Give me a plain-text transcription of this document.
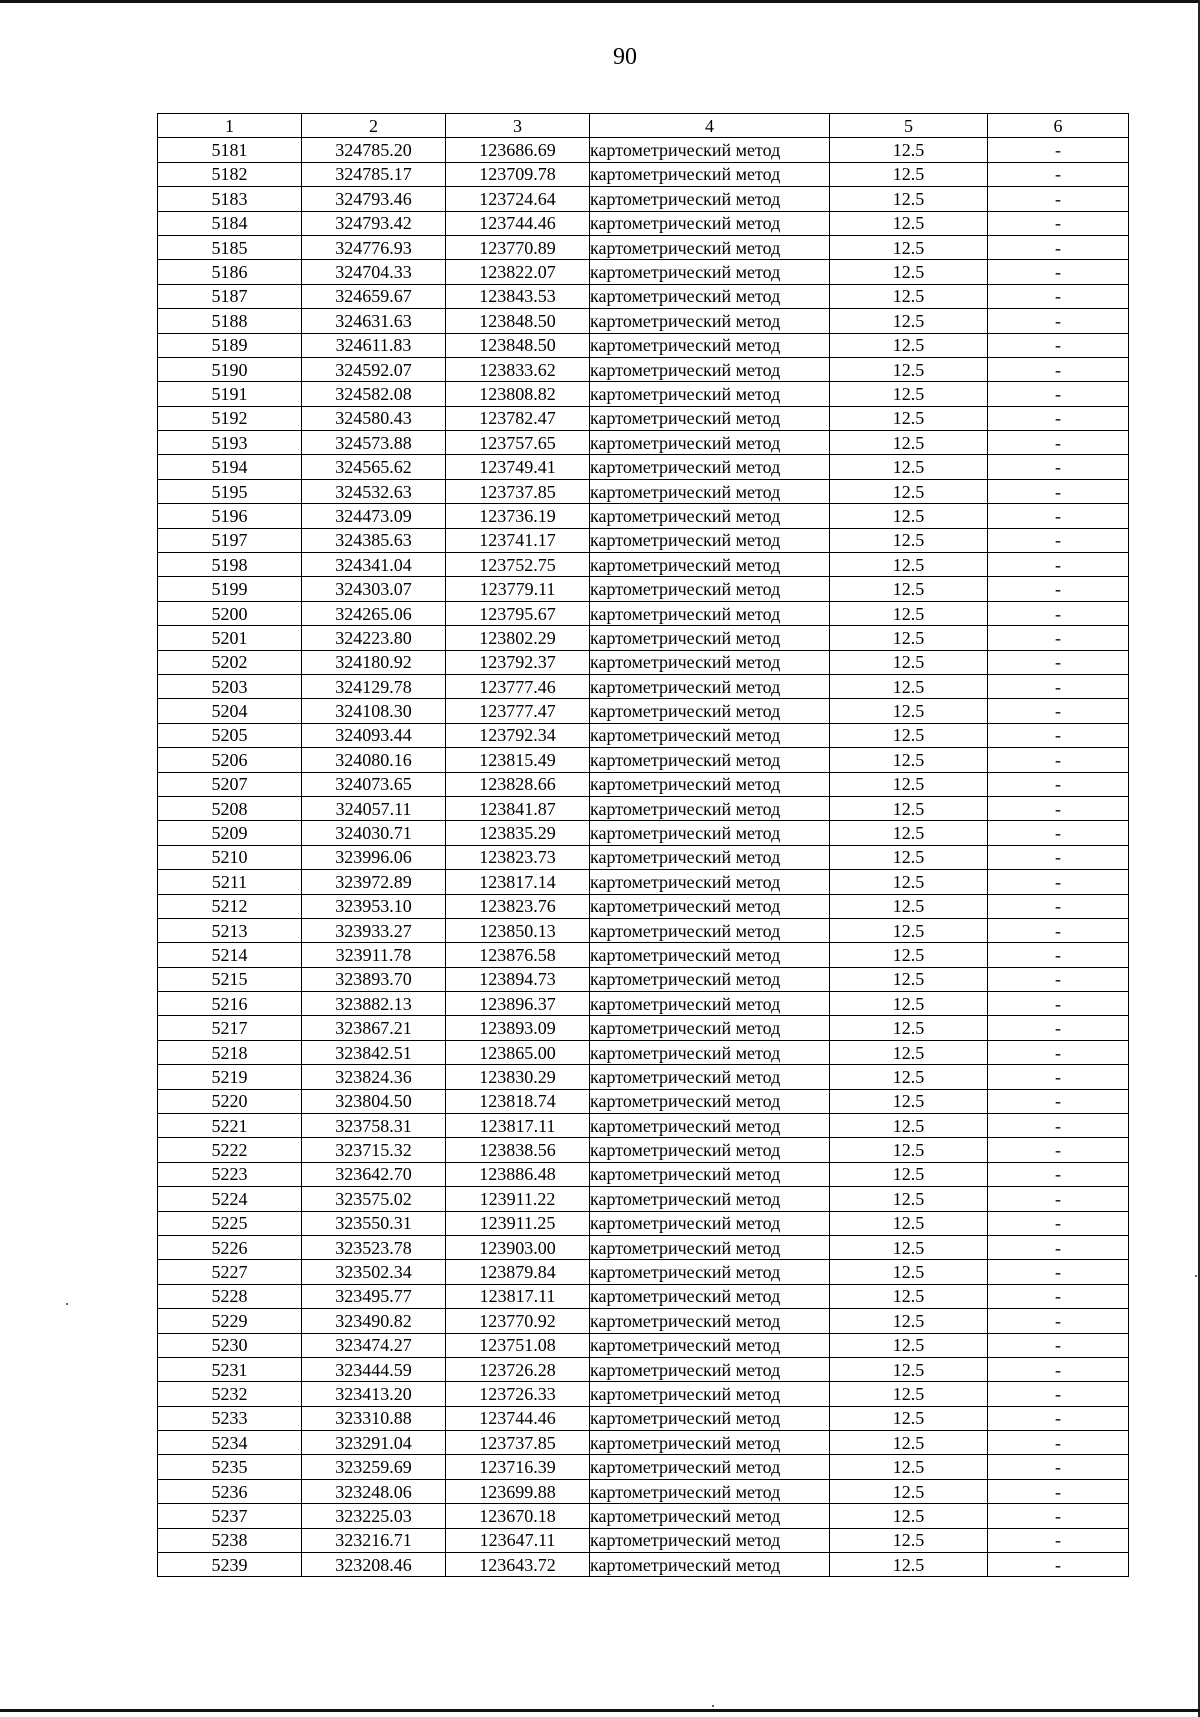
90
1	2	3	4	5	6
5181	324785.20	123686.69	картометрический метод	12.5	-
5182	324785.17	123709.78	картометрический метод	12.5	-
5183	324793.46	123724.64	картометрический метод	12.5	-
5184	324793.42	123744.46	картометрический метод	12.5	-
5185	324776.93	123770.89	картометрический метод	12.5	-
5186	324704.33	123822.07	картометрический метод	12.5	-
5187	324659.67	123843.53	картометрический метод	12.5	-
5188	324631.63	123848.50	картометрический метод	12.5	-
5189	324611.83	123848.50	картометрический метод	12.5	-
5190	324592.07	123833.62	картометрический метод	12.5	-
5191	324582.08	123808.82	картометрический метод	12.5	-
5192	324580.43	123782.47	картометрический метод	12.5	-
5193	324573.88	123757.65	картометрический метод	12.5	-
5194	324565.62	123749.41	картометрический метод	12.5	-
5195	324532.63	123737.85	картометрический метод	12.5	-
5196	324473.09	123736.19	картометрический метод	12.5	-
5197	324385.63	123741.17	картометрический метод	12.5	-
5198	324341.04	123752.75	картометрический метод	12.5	-
5199	324303.07	123779.11	картометрический метод	12.5	-
5200	324265.06	123795.67	картометрический метод	12.5	-
5201	324223.80	123802.29	картометрический метод	12.5	-
5202	324180.92	123792.37	картометрический метод	12.5	-
5203	324129.78	123777.46	картометрический метод	12.5	-
5204	324108.30	123777.47	картометрический метод	12.5	-
5205	324093.44	123792.34	картометрический метод	12.5	-
5206	324080.16	123815.49	картометрический метод	12.5	-
5207	324073.65	123828.66	картометрический метод	12.5	-
5208	324057.11	123841.87	картометрический метод	12.5	-
5209	324030.71	123835.29	картометрический метод	12.5	-
5210	323996.06	123823.73	картометрический метод	12.5	-
5211	323972.89	123817.14	картометрический метод	12.5	-
5212	323953.10	123823.76	картометрический метод	12.5	-
5213	323933.27	123850.13	картометрический метод	12.5	-
5214	323911.78	123876.58	картометрический метод	12.5	-
5215	323893.70	123894.73	картометрический метод	12.5	-
5216	323882.13	123896.37	картометрический метод	12.5	-
5217	323867.21	123893.09	картометрический метод	12.5	-
5218	323842.51	123865.00	картометрический метод	12.5	-
5219	323824.36	123830.29	картометрический метод	12.5	-
5220	323804.50	123818.74	картометрический метод	12.5	-
5221	323758.31	123817.11	картометрический метод	12.5	-
5222	323715.32	123838.56	картометрический метод	12.5	-
5223	323642.70	123886.48	картометрический метод	12.5	-
5224	323575.02	123911.22	картометрический метод	12.5	-
5225	323550.31	123911.25	картометрический метод	12.5	-
5226	323523.78	123903.00	картометрический метод	12.5	-
5227	323502.34	123879.84	картометрический метод	12.5	-
5228	323495.77	123817.11	картометрический метод	12.5	-
5229	323490.82	123770.92	картометрический метод	12.5	-
5230	323474.27	123751.08	картометрический метод	12.5	-
5231	323444.59	123726.28	картометрический метод	12.5	-
5232	323413.20	123726.33	картометрический метод	12.5	-
5233	323310.88	123744.46	картометрический метод	12.5	-
5234	323291.04	123737.85	картометрический метод	12.5	-
5235	323259.69	123716.39	картометрический метод	12.5	-
5236	323248.06	123699.88	картометрический метод	12.5	-
5237	323225.03	123670.18	картометрический метод	12.5	-
5238	323216.71	123647.11	картометрический метод	12.5	-
5239	323208.46	123643.72	картометрический метод	12.5	-
